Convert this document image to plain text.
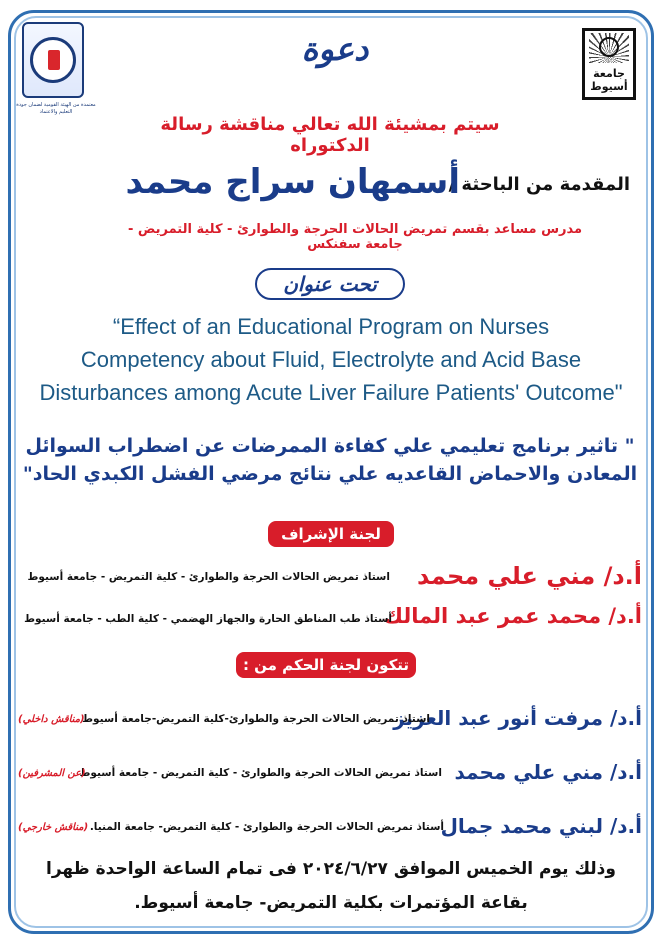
معتمدة من الهيئة القومية لضمان جودة التعليم والاعتماد
جامعة أسيوط
دعوة
سيتم بمشيئة الله تعالي مناقشة رسالة الدكتوراه
المقدمة من الباحثة /
أسمهان سراج محمد
مدرس مساعد بقسم تمريض الحالات الحرجة والطوارئ - كلية التمريض - جامعة سفنكس
تحت عنوان
“Effect of an Educational Program on Nurses
Competency about Fluid, Electrolyte and Acid Base
Disturbances among Acute Liver Failure Patients' Outcome"
" تاثير برنامج تعليمي علي كفاءة الممرضات عن اضطراب السوائل
المعادن والاحماض القاعديه علي نتائج مرضي الفشل الكبدي الحاد"
لجنة الإشراف
أ.د/ مني علي محمد
استاذ تمريض الحالات الحرجة والطوارئ - كلية التمريض - جامعة أسيوط
أ.د/ محمد عمر عبد المالك
أستاذ طب المناطق الحارة والجهاز الهضمي - كلية الطب - جامعة أسيوط
تتكون لجنة الحكم من :
أ.د/ مرفت أنور عبد العزيز
استاذ تمريض الحالات الحرجة والطوارئ-كلية التمريض-جامعة أسيوط
(مناقش داخلي)
أ.د/ مني علي محمد
استاذ تمريض الحالات الحرجة والطوارئ - كلية التمريض - جامعة أسيوط
(عن المشرفين)
أ.د/ لبني محمد جمال
أستاذ تمريض الحالات الحرجة والطوارئ - كلية التمريض- جامعة المنيا.
(مناقش خارجي)
وذلك يوم الخميس الموافق ٢٠٢٤/٦/٢٧ فى تمام الساعة الواحدة ظهرا
بقاعة المؤتمرات بكلية التمريض- جامعة أسيوط.
